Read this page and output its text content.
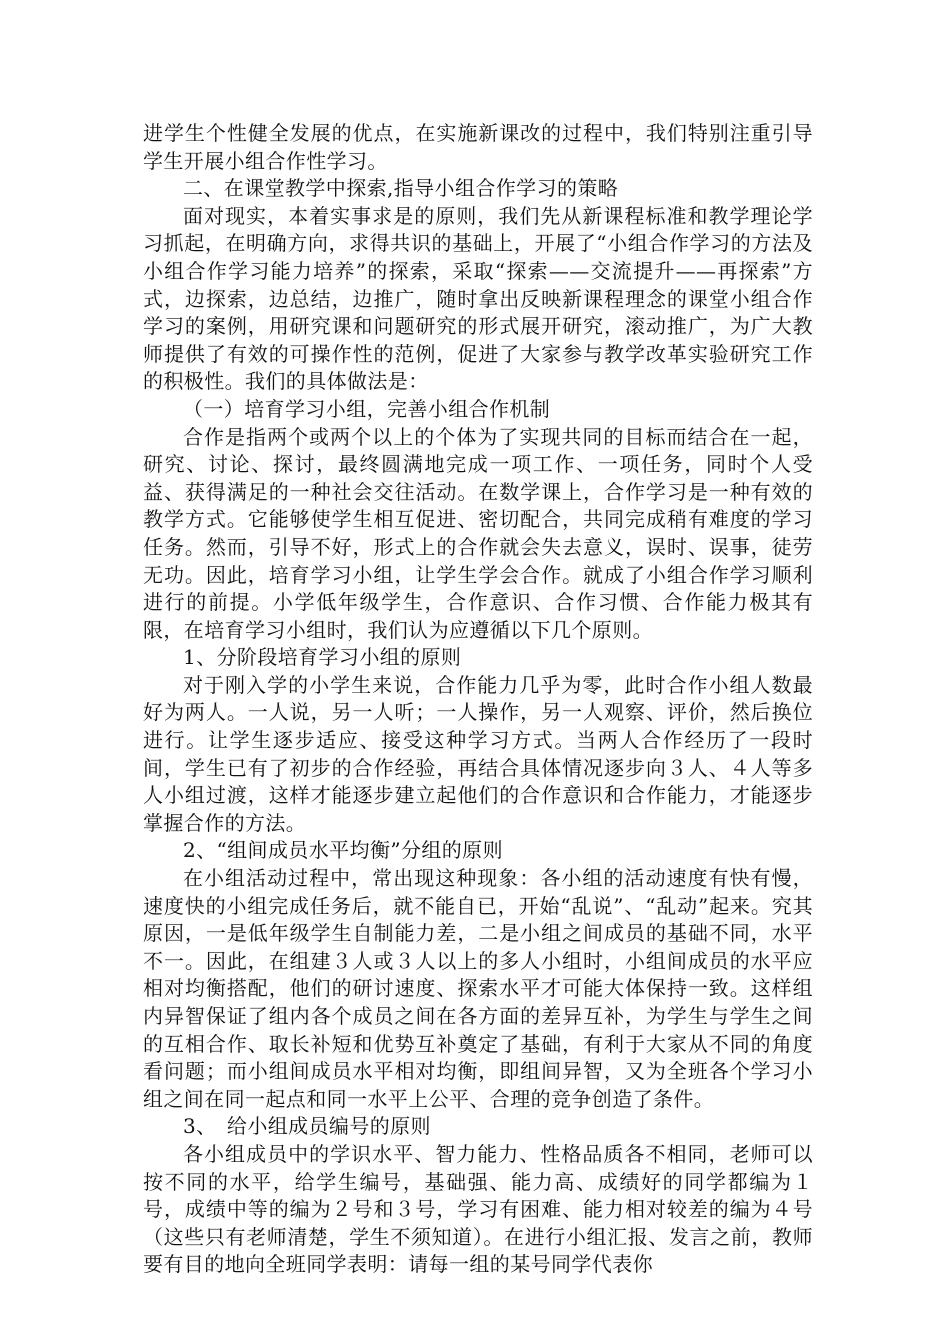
进学生个性健全发展的优点，在实施新课改的过程中，我们特别注重引导学生开展小组合作性学习。

二、在课堂教学中探索,指导小组合作学习的策略

面对现实，本着实事求是的原则，我们先从新课程标准和教学理论学习抓起，在明确方向，求得共识的基础上，开展了“小组合作学习的方法及小组合作学习能力培养”的探索，采取“探索——交流提升——再探索”方式，边探索，边总结，边推广，随时拿出反映新课程理念的课堂小组合作学习的案例，用研究课和问题研究的形式展开研究，滚动推广，为广大教师提供了有效的可操作性的范例，促进了大家参与教学改革实验研究工作的积极性。我们的具体做法是：

（一）培育学习小组，完善小组合作机制

合作是指两个或两个以上的个体为了实现共同的目标而结合在一起，研究、讨论、探讨，最终圆满地完成一项工作、一项任务，同时个人受益、获得满足的一种社会交往活动。在数学课上，合作学习是一种有效的教学方式。它能够使学生相互促进、密切配合，共同完成稍有难度的学习任务。然而，引导不好，形式上的合作就会失去意义，误时、误事，徒劳无功。因此，培育学习小组，让学生学会合作。就成了小组合作学习顺利进行的前提。小学低年级学生，合作意识、合作习惯、合作能力极其有限，在培育学习小组时，我们认为应遵循以下几个原则。

1、分阶段培育学习小组的原则

对于刚入学的小学生来说，合作能力几乎为零，此时合作小组人数最好为两人。一人说，另一人听；一人操作，另一人观察、评价，然后换位进行。让学生逐步适应、接受这种学习方式。当两人合作经历了一段时间，学生已有了初步的合作经验，再结合具体情况逐步向３人、４人等多人小组过渡，这样才能逐步建立起他们的合作意识和合作能力，才能逐步掌握合作的方法。

2、“组间成员水平均衡”分组的原则

在小组活动过程中，常出现这种现象：各小组的活动速度有快有慢，速度快的小组完成任务后，就不能自已，开始“乱说”、“乱动”起来。究其原因，一是低年级学生自制能力差，二是小组之间成员的基础不同，水平不一。因此，在组建３人或３人以上的多人小组时，小组间成员的水平应相对均衡搭配，他们的研讨速度、探索水平才可能大体保持一致。这样组内异智保证了组内各个成员之间在各方面的差异互补，为学生与学生之间的互相合作、取长补短和优势互补奠定了基础，有利于大家从不同的角度看问题；而小组间成员水平相对均衡，即组间异智，又为全班各个学习小组之间在同一起点和同一水平上公平、合理的竞争创造了条件。

3、　给小组成员编号的原则

各小组成员中的学识水平、智力能力、性格品质各不相同，老师可以按不同的水平，给学生编号，基础强、能力高、成绩好的同学都编为１号，成绩中等的编为２号和３号，学习有困难、能力相对较差的编为４号（这些只有老师清楚，学生不须知道）。在进行小组汇报、发言之前，教师要有目的地向全班同学表明：请每一组的某号同学代表你
